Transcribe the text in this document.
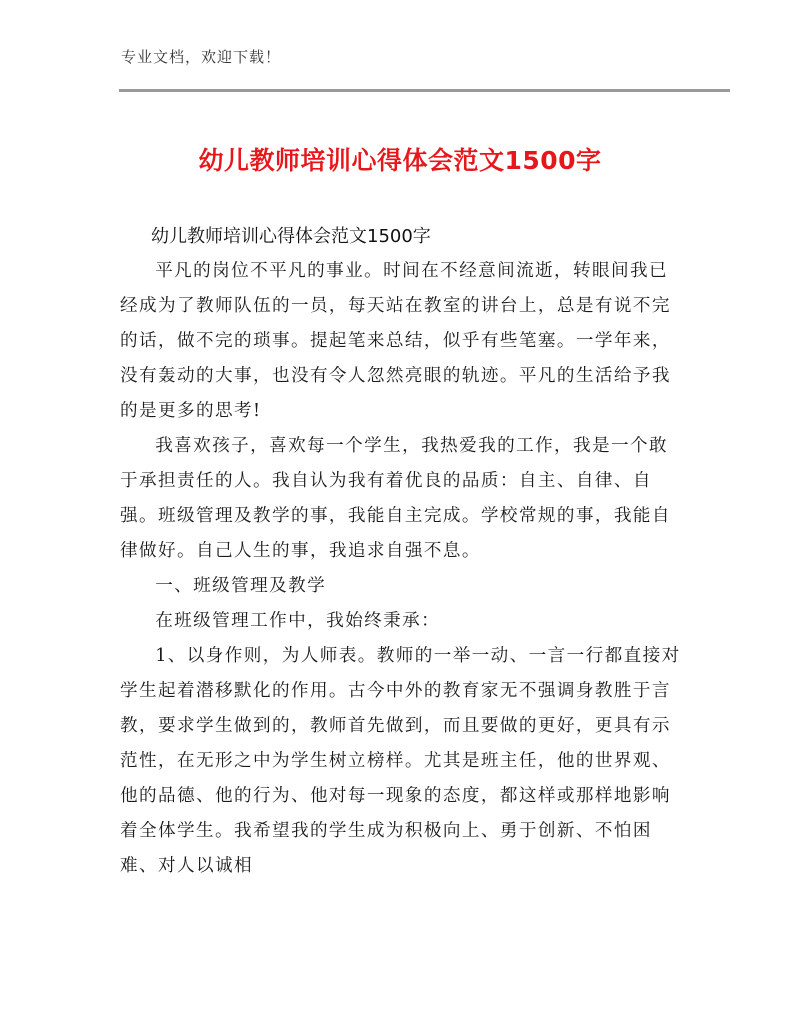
专业文档，欢迎下载！
幼儿教师培训心得体会范文1500字
幼儿教师培训心得体会范文1500字

平凡的岗位不平凡的事业。时间在不经意间流逝，转眼间我已经成为了教师队伍的一员，每天站在教室的讲台上，总是有说不完的话，做不完的琐事。提起笔来总结，似乎有些笔塞。一学年来，没有轰动的大事，也没有令人忽然亮眼的轨迹。平凡的生活给予我的是更多的思考!

我喜欢孩子，喜欢每一个学生，我热爱我的工作，我是一个敢于承担责任的人。我自认为我有着优良的品质：自主、自律、自强。班级管理及教学的事，我能自主完成。学校常规的事，我能自律做好。自己人生的事，我追求自强不息。

一、班级管理及教学

在班级管理工作中，我始终秉承：

1、以身作则，为人师表。教师的一举一动、一言一行都直接对学生起着潜移默化的作用。古今中外的教育家无不强调身教胜于言教，要求学生做到的，教师首先做到，而且要做的更好，更具有示范性，在无形之中为学生树立榜样。尤其是班主任，他的世界观、他的品德、他的行为、他对每一现象的态度，都这样或那样地影响着全体学生。我希望我的学生成为积极向上、勇于创新、不怕困难、对人以诚相
